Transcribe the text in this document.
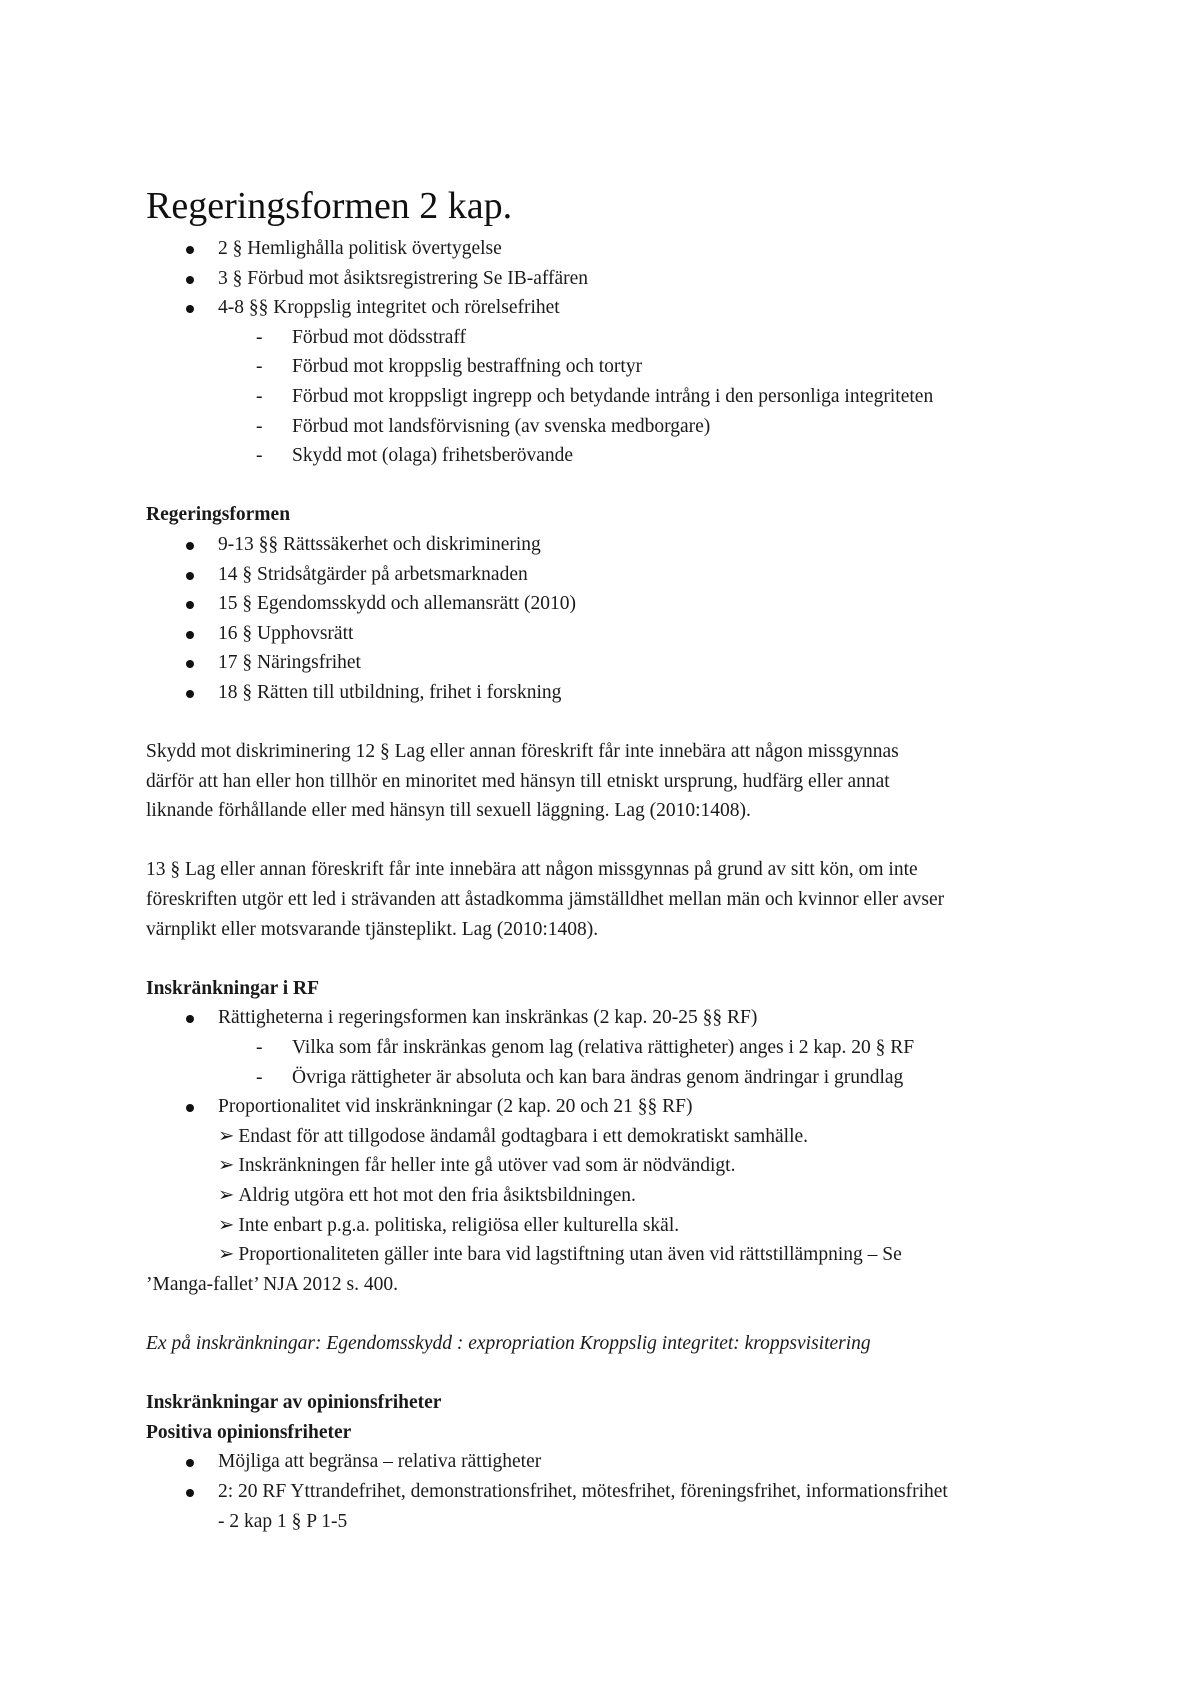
Regeringsformen 2 kap.
2 § Hemlighålla politisk övertygelse
3 § Förbud mot åsiktsregistrering Se IB-affären
4-8 §§ Kroppslig integritet och rörelsefrihet
- Förbud mot dödsstraff
- Förbud mot kroppslig bestraffning och tortyr
- Förbud mot kroppsligt ingrepp och betydande intrång i den personliga integriteten
- Förbud mot landsförvisning (av svenska medborgare)
- Skydd mot (olaga) frihetsberövande

Regeringsformen

9-13 §§ Rättssäkerhet och diskriminering
14 § Stridsåtgärder på arbetsmarknaden
15 § Egendomsskydd och allemansrätt (2010)
16 § Upphovsrätt
17 § Näringsfrihet
18 § Rätten till utbildning, frihet i forskning

Skydd mot diskriminering 12 § Lag eller annan föreskrift får inte innebära att någon missgynnas

därför att han eller hon tillhör en minoritet med hänsyn till etniskt ursprung, hudfärg eller annat

liknande förhållande eller med hänsyn till sexuell läggning. Lag (2010:1408).

13 § Lag eller annan föreskrift får inte innebära att någon missgynnas på grund av sitt kön, om inte

föreskriften utgör ett led i strävanden att åstadkomma jämställdhet mellan män och kvinnor eller avser

värnplikt eller motsvarande tjänsteplikt. Lag (2010:1408).

Inskränkningar i RF

Rättigheterna i regeringsformen kan inskränkas (2 kap. 20-25 §§ RF)
- Vilka som får inskränkas genom lag (relativa rättigheter) anges i 2 kap. 20 § RF
- Övriga rättigheter är absoluta och kan bara ändras genom ändringar i grundlag
Proportionalitet vid inskränkningar (2 kap. 20 och 21 §§ RF)
➢ Endast för att tillgodose ändamål godtagbara i ett demokratiskt samhälle.
➢ Inskränkningen får heller inte gå utöver vad som är nödvändigt.
➢ Aldrig utgöra ett hot mot den fria åsiktsbildningen.
➢ Inte enbart p.g.a. politiska, religiösa eller kulturella skäl.
➢ Proportionaliteten gäller inte bara vid lagstiftning utan även vid rättstillämpning – Se
’Manga-fallet’ NJA 2012 s. 400.

Ex på inskränkningar: Egendomsskydd : expropriation Kroppslig integritet: kroppsvisitering

Inskränkningar av opinionsfriheter

Positiva opinionsfriheter

Möjliga att begränsa – relativa rättigheter
2: 20 RF Yttrandefrihet, demonstrationsfrihet, mötesfrihet, föreningsfrihet, informationsfrihet
- 2 kap 1 § P 1-5
